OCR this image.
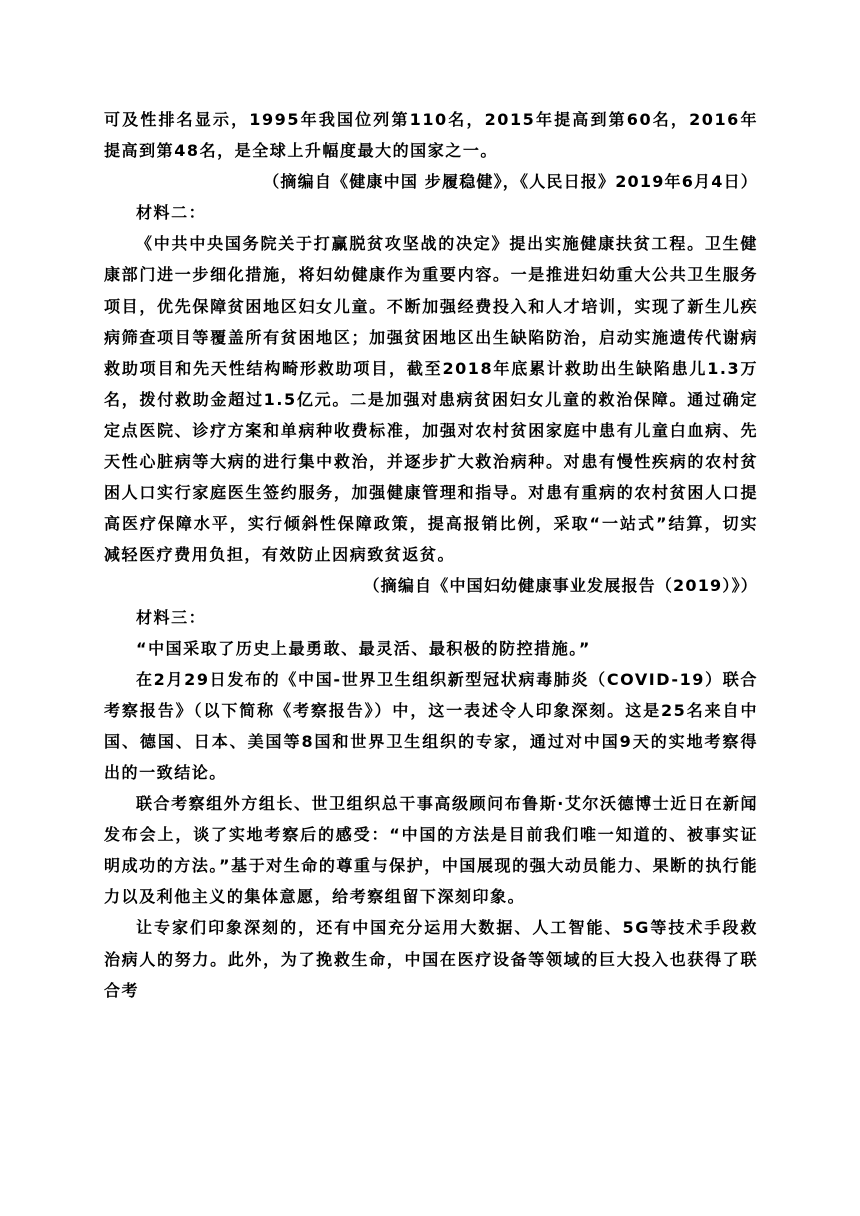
可及性排名显示，1995年我国位列第110名，2015年提高到第60名，2016年提高到第48名，是全球上升幅度最大的国家之一。

（摘编自《健康中国 步履稳健》，《人民日报》2019年6月4日）

材料二：

《中共中央国务院关于打赢脱贫攻坚战的决定》提出实施健康扶贫工程。卫生健康部门进一步细化措施，将妇幼健康作为重要内容。一是推进妇幼重大公共卫生服务项目，优先保障贫困地区妇女儿童。不断加强经费投入和人才培训，实现了新生儿疾病筛查项目等覆盖所有贫困地区；加强贫困地区出生缺陷防治，启动实施遗传代谢病救助项目和先天性结构畸形救助项目，截至2018年底累计救助出生缺陷患儿1.3万名，拨付救助金超过1.5亿元。二是加强对患病贫困妇女儿童的救治保障。通过确定定点医院、诊疗方案和单病种收费标准，加强对农村贫困家庭中患有儿童白血病、先天性心脏病等大病的进行集中救治，并逐步扩大救治病种。对患有慢性疾病的农村贫困人口实行家庭医生签约服务，加强健康管理和指导。对患有重病的农村贫困人口提高医疗保障水平，实行倾斜性保障政策，提高报销比例，采取“一站式”结算，切实减轻医疗费用负担，有效防止因病致贫返贫。

（摘编自《中国妇幼健康事业发展报告（2019）》）

材料三：

“中国采取了历史上最勇敢、最灵活、最积极的防控措施。”

在2月29日发布的《中国-世界卫生组织新型冠状病毒肺炎（COVID-19）联合考察报告》（以下简称《考察报告》）中，这一表述令人印象深刻。这是25名来自中国、德国、日本、美国等8国和世界卫生组织的专家，通过对中国9天的实地考察得出的一致结论。

联合考察组外方组长、世卫组织总干事高级顾问布鲁斯·艾尔沃德博士近日在新闻发布会上，谈了实地考察后的感受：“中国的方法是目前我们唯一知道的、被事实证明成功的方法。”基于对生命的尊重与保护，中国展现的强大动员能力、果断的执行能力以及利他主义的集体意愿，给考察组留下深刻印象。

让专家们印象深刻的，还有中国充分运用大数据、人工智能、5G等技术手段救治病人的努力。此外，为了挽救生命，中国在医疗设备等领域的巨大投入也获得了联合考
